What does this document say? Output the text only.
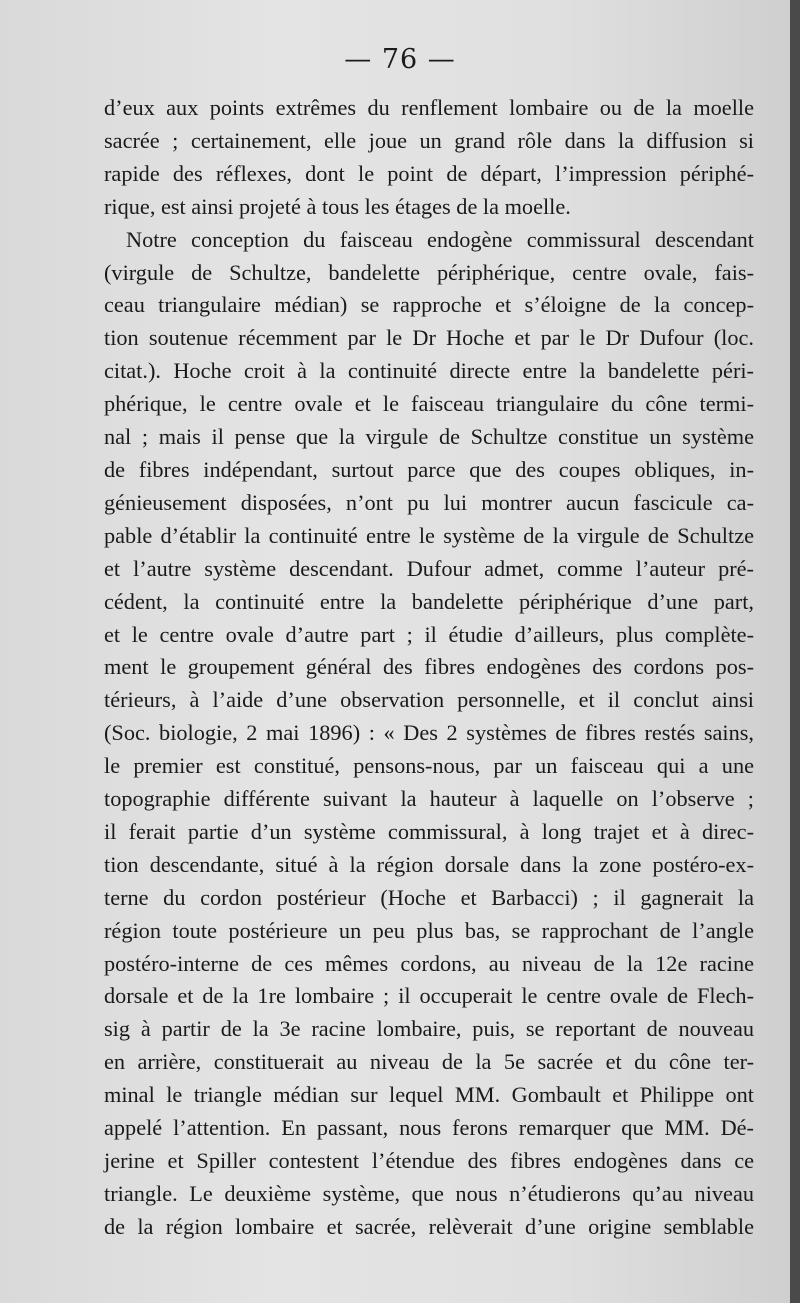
— 76 —
d’eux aux points extrêmes du renflement lombaire ou de la moelle
sacrée ; certainement, elle joue un grand rôle dans la diffusion si
rapide des réflexes, dont le point de départ, l’impression périphé-
rique, est ainsi projeté à tous les étages de la moelle.
Notre conception du faisceau endogène commissural descendant
(virgule de Schultze, bandelette périphérique, centre ovale, fais-
ceau triangulaire médian) se rapproche et s’éloigne de la concep-
tion soutenue récemment par le Dr Hoche et par le Dr Dufour (loc.
citat.). Hoche croit à la continuité directe entre la bandelette péri-
phérique, le centre ovale et le faisceau triangulaire du cône termi-
nal ; mais il pense que la virgule de Schultze constitue un système
de fibres indépendant, surtout parce que des coupes obliques, in-
génieusement disposées, n’ont pu lui montrer aucun fascicule ca-
pable d’établir la continuité entre le système de la virgule de Schultze
et l’autre système descendant. Dufour admet, comme l’auteur pré-
cédent, la continuité entre la bandelette périphérique d’une part,
et le centre ovale d’autre part ; il étudie d’ailleurs, plus complète-
ment le groupement général des fibres endogènes des cordons pos-
térieurs, à l’aide d’une observation personnelle, et il conclut ainsi
(Soc. biologie, 2 mai 1896) : « Des 2 systèmes de fibres restés sains,
le premier est constitué, pensons-nous, par un faisceau qui a une
topographie différente suivant la hauteur à laquelle on l’observe ;
il ferait partie d’un système commissural, à long trajet et à direc-
tion descendante, situé à la région dorsale dans la zone postéro-ex-
terne du cordon postérieur (Hoche et Barbacci) ; il gagnerait la
région toute postérieure un peu plus bas, se rapprochant de l’angle
postéro-interne de ces mêmes cordons, au niveau de la 12e racine
dorsale et de la 1re lombaire ; il occuperait le centre ovale de Flech-
sig à partir de la 3e racine lombaire, puis, se reportant de nouveau
en arrière, constituerait au niveau de la 5e sacrée et du cône ter-
minal le triangle médian sur lequel MM. Gombault et Philippe ont
appelé l’attention. En passant, nous ferons remarquer que MM. Dé-
jerine et Spiller contestent l’étendue des fibres endogènes dans ce
triangle. Le deuxième système, que nous n’étudierons qu’au niveau
de la région lombaire et sacrée, relèverait d’une origine semblable
